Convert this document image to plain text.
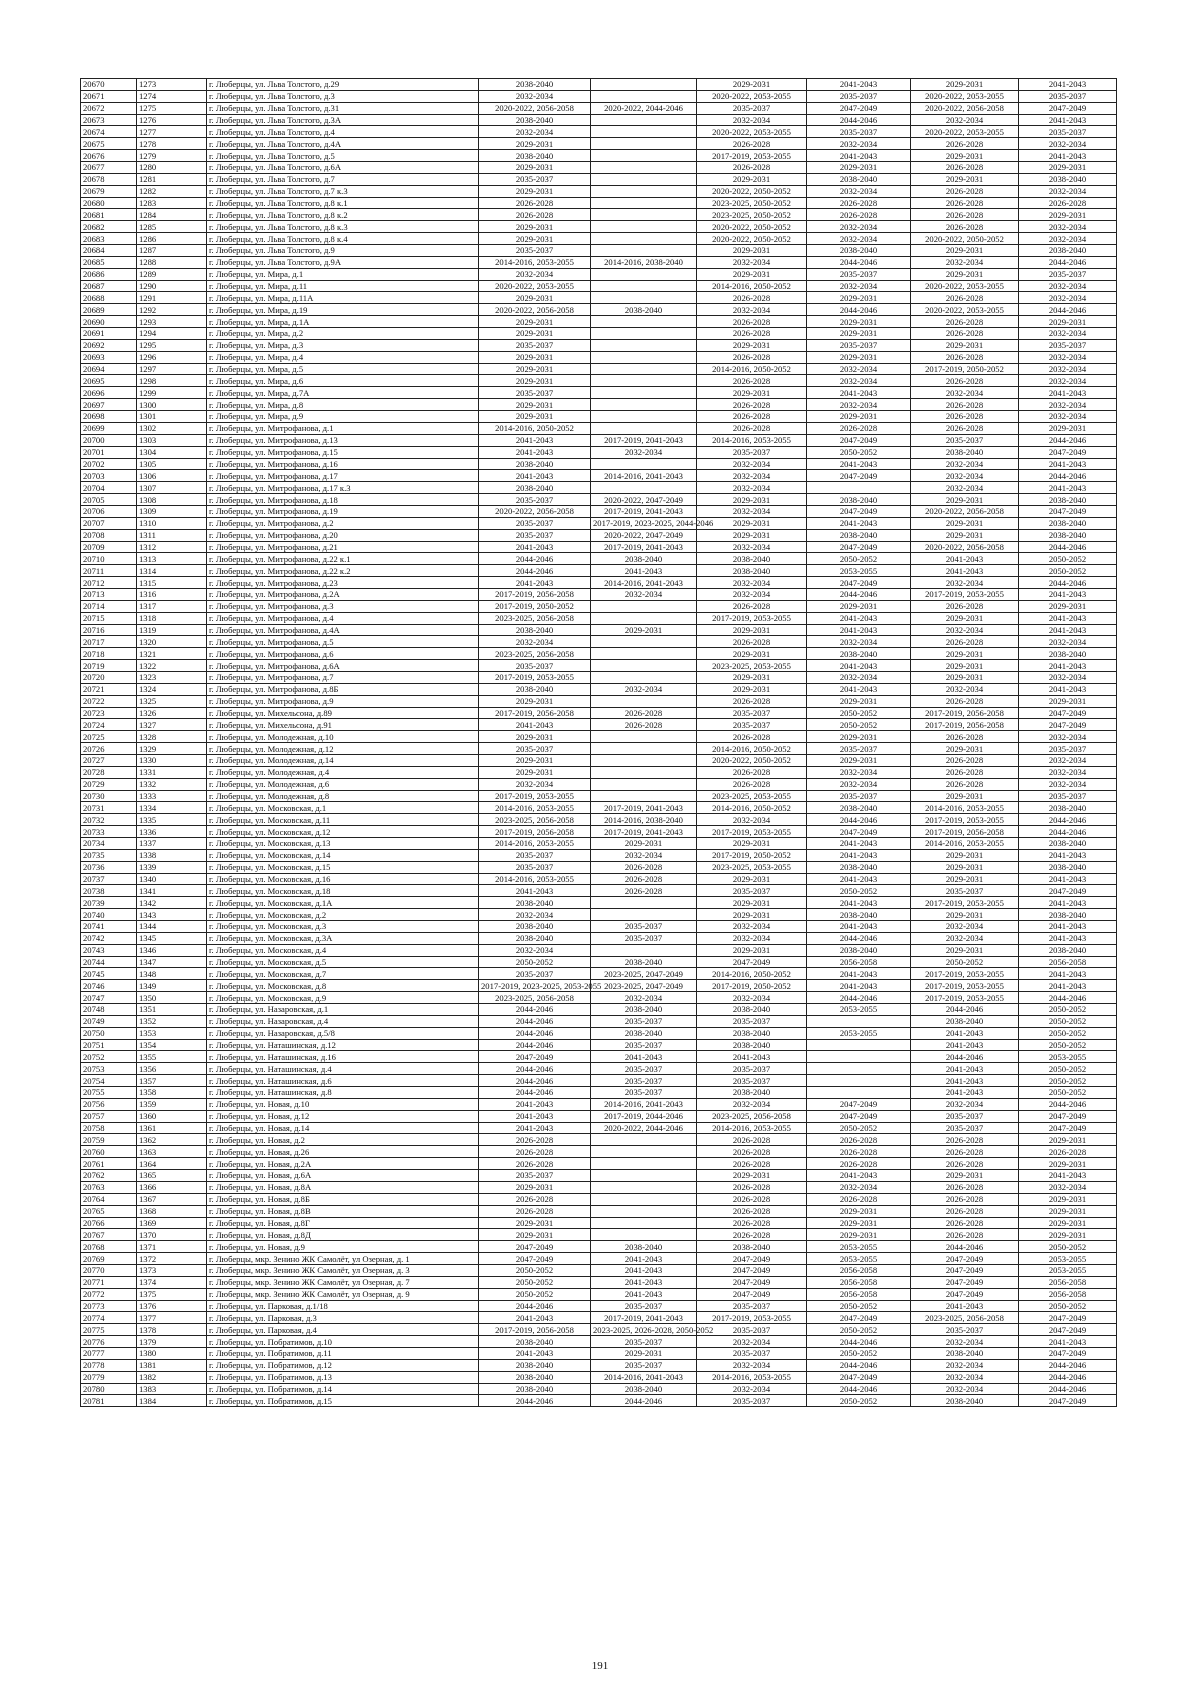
20670	1273	г. Люберцы, ул. Льва Толстого, д.29	2038-2040		2029-2031	2041-2043	2029-2031	2041-2043
20671	1274	г. Люберцы, ул. Льва Толстого, д.3	2032-2034		2020-2022, 2053-2055	2035-2037	2020-2022, 2053-2055	2035-2037
20672	1275	г. Люберцы, ул. Льва Толстого, д.31	2020-2022, 2056-2058	2020-2022, 2044-2046	2035-2037	2047-2049	2020-2022, 2056-2058	2047-2049
20673	1276	г. Люберцы, ул. Льва Толстого, д.3А	2038-2040		2032-2034	2044-2046	2032-2034	2041-2043
20674	1277	г. Люберцы, ул. Льва Толстого, д.4	2032-2034		2020-2022, 2053-2055	2035-2037	2020-2022, 2053-2055	2035-2037
20675	1278	г. Люберцы, ул. Льва Толстого, д.4А	2029-2031		2026-2028	2032-2034	2026-2028	2032-2034
20676	1279	г. Люберцы, ул. Льва Толстого, д.5	2038-2040		2017-2019, 2053-2055	2041-2043	2029-2031	2041-2043
20677	1280	г. Люберцы, ул. Льва Толстого, д.6А	2029-2031		2026-2028	2029-2031	2026-2028	2029-2031
20678	1281	г. Люберцы, ул. Льва Толстого, д.7	2035-2037		2029-2031	2038-2040	2029-2031	2038-2040
20679	1282	г. Люберцы, ул. Льва Толстого, д.7 к.3	2029-2031		2020-2022, 2050-2052	2032-2034	2026-2028	2032-2034
20680	1283	г. Люберцы, ул. Льва Толстого, д.8 к.1	2026-2028		2023-2025, 2050-2052	2026-2028	2026-2028	2026-2028
20681	1284	г. Люберцы, ул. Льва Толстого, д.8 к.2	2026-2028		2023-2025, 2050-2052	2026-2028	2026-2028	2029-2031
20682	1285	г. Люберцы, ул. Льва Толстого, д.8 к.3	2029-2031		2020-2022, 2050-2052	2032-2034	2026-2028	2032-2034
20683	1286	г. Люберцы, ул. Льва Толстого, д.8 к.4	2029-2031		2020-2022, 2050-2052	2032-2034	2020-2022, 2050-2052	2032-2034
20684	1287	г. Люберцы, ул. Льва Толстого, д.9	2035-2037		2029-2031	2038-2040	2029-2031	2038-2040
20685	1288	г. Люберцы, ул. Льва Толстого, д.9А	2014-2016, 2053-2055	2014-2016, 2038-2040	2032-2034	2044-2046	2032-2034	2044-2046
20686	1289	г. Люберцы, ул. Мира, д.1	2032-2034		2029-2031	2035-2037	2029-2031	2035-2037
20687	1290	г. Люберцы, ул. Мира, д.11	2020-2022, 2053-2055		2014-2016, 2050-2052	2032-2034	2020-2022, 2053-2055	2032-2034
20688	1291	г. Люберцы, ул. Мира, д.11А	2029-2031		2026-2028	2029-2031	2026-2028	2032-2034
20689	1292	г. Люберцы, ул. Мира, д.19	2020-2022, 2056-2058	2038-2040	2032-2034	2044-2046	2020-2022, 2053-2055	2044-2046
20690	1293	г. Люберцы, ул. Мира, д.1А	2029-2031		2026-2028	2029-2031	2026-2028	2029-2031
20691	1294	г. Люберцы, ул. Мира, д.2	2029-2031		2026-2028	2029-2031	2026-2028	2032-2034
20692	1295	г. Люберцы, ул. Мира, д.3	2035-2037		2029-2031	2035-2037	2029-2031	2035-2037
20693	1296	г. Люберцы, ул. Мира, д.4	2029-2031		2026-2028	2029-2031	2026-2028	2032-2034
20694	1297	г. Люберцы, ул. Мира, д.5	2029-2031		2014-2016, 2050-2052	2032-2034	2017-2019, 2050-2052	2032-2034
20695	1298	г. Люберцы, ул. Мира, д.6	2029-2031		2026-2028	2032-2034	2026-2028	2032-2034
20696	1299	г. Люберцы, ул. Мира, д.7А	2035-2037		2029-2031	2041-2043	2032-2034	2041-2043
20697	1300	г. Люберцы, ул. Мира, д.8	2029-2031		2026-2028	2032-2034	2026-2028	2032-2034
20698	1301	г. Люберцы, ул. Мира, д.9	2029-2031		2026-2028	2029-2031	2026-2028	2032-2034
20699	1302	г. Люберцы, ул. Митрофанова, д.1	2014-2016, 2050-2052		2026-2028	2026-2028	2026-2028	2029-2031
20700	1303	г. Люберцы, ул. Митрофанова, д.13	2041-2043	2017-2019, 2041-2043	2014-2016, 2053-2055	2047-2049	2035-2037	2044-2046
20701	1304	г. Люберцы, ул. Митрофанова, д.15	2041-2043	2032-2034	2035-2037	2050-2052	2038-2040	2047-2049
20702	1305	г. Люберцы, ул. Митрофанова, д.16	2038-2040		2032-2034	2041-2043	2032-2034	2041-2043
20703	1306	г. Люберцы, ул. Митрофанова, д.17	2041-2043	2014-2016, 2041-2043	2032-2034	2047-2049	2032-2034	2044-2046
20704	1307	г. Люберцы, ул. Митрофанова, д.17 к.3	2038-2040		2032-2034		2032-2034	2041-2043
20705	1308	г. Люберцы, ул. Митрофанова, д.18	2035-2037	2020-2022, 2047-2049	2029-2031	2038-2040	2029-2031	2038-2040
20706	1309	г. Люберцы, ул. Митрофанова, д.19	2020-2022, 2056-2058	2017-2019, 2041-2043	2032-2034	2047-2049	2020-2022, 2056-2058	2047-2049
20707	1310	г. Люберцы, ул. Митрофанова, д.2	2035-2037	2017-2019, 2023-2025, 2044-2046	2029-2031	2041-2043	2029-2031	2038-2040
20708	1311	г. Люберцы, ул. Митрофанова, д.20	2035-2037	2020-2022, 2047-2049	2029-2031	2038-2040	2029-2031	2038-2040
20709	1312	г. Люберцы, ул. Митрофанова, д.21	2041-2043	2017-2019, 2041-2043	2032-2034	2047-2049	2020-2022, 2056-2058	2044-2046
20710	1313	г. Люберцы, ул. Митрофанова, д.22 к.1	2044-2046	2038-2040	2038-2040	2050-2052	2041-2043	2050-2052
20711	1314	г. Люберцы, ул. Митрофанова, д.22 к.2	2044-2046	2041-2043	2038-2040	2053-2055	2041-2043	2050-2052
20712	1315	г. Люберцы, ул. Митрофанова, д.23	2041-2043	2014-2016, 2041-2043	2032-2034	2047-2049	2032-2034	2044-2046
20713	1316	г. Люберцы, ул. Митрофанова, д.2А	2017-2019, 2056-2058	2032-2034	2032-2034	2044-2046	2017-2019, 2053-2055	2041-2043
20714	1317	г. Люберцы, ул. Митрофанова, д.3	2017-2019, 2050-2052		2026-2028	2029-2031	2026-2028	2029-2031
20715	1318	г. Люберцы, ул. Митрофанова, д.4	2023-2025, 2056-2058		2017-2019, 2053-2055	2041-2043	2029-2031	2041-2043
20716	1319	г. Люберцы, ул. Митрофанова, д.4А	2038-2040	2029-2031	2029-2031	2041-2043	2032-2034	2041-2043
20717	1320	г. Люберцы, ул. Митрофанова, д.5	2032-2034		2026-2028	2032-2034	2026-2028	2032-2034
20718	1321	г. Люберцы, ул. Митрофанова, д.6	2023-2025, 2056-2058		2029-2031	2038-2040	2029-2031	2038-2040
20719	1322	г. Люберцы, ул. Митрофанова, д.6А	2035-2037		2023-2025, 2053-2055	2041-2043	2029-2031	2041-2043
20720	1323	г. Люберцы, ул. Митрофанова, д.7	2017-2019, 2053-2055		2029-2031	2032-2034	2029-2031	2032-2034
20721	1324	г. Люберцы, ул. Митрофанова, д.8Б	2038-2040	2032-2034	2029-2031	2041-2043	2032-2034	2041-2043
20722	1325	г. Люберцы, ул. Митрофанова, д.9	2029-2031		2026-2028	2029-2031	2026-2028	2029-2031
20723	1326	г. Люберцы, ул. Михельсона, д.89	2017-2019, 2056-2058	2026-2028	2035-2037	2050-2052	2017-2019, 2056-2058	2047-2049
20724	1327	г. Люберцы, ул. Михельсона, д.91	2041-2043	2026-2028	2035-2037	2050-2052	2017-2019, 2056-2058	2047-2049
20725	1328	г. Люберцы, ул. Молодежная, д.10	2029-2031		2026-2028	2029-2031	2026-2028	2032-2034
20726	1329	г. Люберцы, ул. Молодежная, д.12	2035-2037		2014-2016, 2050-2052	2035-2037	2029-2031	2035-2037
20727	1330	г. Люберцы, ул. Молодежная, д.14	2029-2031		2020-2022, 2050-2052	2029-2031	2026-2028	2032-2034
20728	1331	г. Люберцы, ул. Молодежная, д.4	2029-2031		2026-2028	2032-2034	2026-2028	2032-2034
20729	1332	г. Люберцы, ул. Молодежная, д.6	2032-2034		2026-2028	2032-2034	2026-2028	2032-2034
20730	1333	г. Люберцы, ул. Молодежная, д.8	2017-2019, 2053-2055		2023-2025, 2053-2055	2035-2037	2029-2031	2035-2037
20731	1334	г. Люберцы, ул. Московская, д.1	2014-2016, 2053-2055	2017-2019, 2041-2043	2014-2016, 2050-2052	2038-2040	2014-2016, 2053-2055	2038-2040
20732	1335	г. Люберцы, ул. Московская, д.11	2023-2025, 2056-2058	2014-2016, 2038-2040	2032-2034	2044-2046	2017-2019, 2053-2055	2044-2046
20733	1336	г. Люберцы, ул. Московская, д.12	2017-2019, 2056-2058	2017-2019, 2041-2043	2017-2019, 2053-2055	2047-2049	2017-2019, 2056-2058	2044-2046
20734	1337	г. Люберцы, ул. Московская, д.13	2014-2016, 2053-2055	2029-2031	2029-2031	2041-2043	2014-2016, 2053-2055	2038-2040
20735	1338	г. Люберцы, ул. Московская, д.14	2035-2037	2032-2034	2017-2019, 2050-2052	2041-2043	2029-2031	2041-2043
20736	1339	г. Люберцы, ул. Московская, д.15	2035-2037	2026-2028	2023-2025, 2053-2055	2038-2040	2029-2031	2038-2040
20737	1340	г. Люберцы, ул. Московская, д.16	2014-2016, 2053-2055	2026-2028	2029-2031	2041-2043	2029-2031	2041-2043
20738	1341	г. Люберцы, ул. Московская, д.18	2041-2043	2026-2028	2035-2037	2050-2052	2035-2037	2047-2049
20739	1342	г. Люберцы, ул. Московская, д.1А	2038-2040		2029-2031	2041-2043	2017-2019, 2053-2055	2041-2043
20740	1343	г. Люберцы, ул. Московская, д.2	2032-2034		2029-2031	2038-2040	2029-2031	2038-2040
20741	1344	г. Люберцы, ул. Московская, д.3	2038-2040	2035-2037	2032-2034	2041-2043	2032-2034	2041-2043
20742	1345	г. Люберцы, ул. Московская, д.3А	2038-2040	2035-2037	2032-2034	2044-2046	2032-2034	2041-2043
20743	1346	г. Люберцы, ул. Московская, д.4	2032-2034		2029-2031	2038-2040	2029-2031	2038-2040
20744	1347	г. Люберцы, ул. Московская, д.5	2050-2052	2038-2040	2047-2049	2056-2058	2050-2052	2056-2058
20745	1348	г. Люберцы, ул. Московская, д.7	2035-2037	2023-2025, 2047-2049	2014-2016, 2050-2052	2041-2043	2017-2019, 2053-2055	2041-2043
20746	1349	г. Люберцы, ул. Московская, д.8	2017-2019, 2023-2025, 2053-2055	2023-2025, 2047-2049	2017-2019, 2050-2052	2041-2043	2017-2019, 2053-2055	2041-2043
20747	1350	г. Люберцы, ул. Московская, д.9	2023-2025, 2056-2058	2032-2034	2032-2034	2044-2046	2017-2019, 2053-2055	2044-2046
20748	1351	г. Люберцы, ул. Назаровская, д.1	2044-2046	2038-2040	2038-2040	2053-2055	2044-2046	2050-2052
20749	1352	г. Люберцы, ул. Назаровская, д.4	2044-2046	2035-2037	2035-2037		2038-2040	2050-2052
20750	1353	г. Люберцы, ул. Назаровская, д.5/8	2044-2046	2038-2040	2038-2040	2053-2055	2041-2043	2050-2052
20751	1354	г. Люберцы, ул. Наташинская, д.12	2044-2046	2035-2037	2038-2040		2041-2043	2050-2052
20752	1355	г. Люберцы, ул. Наташинская, д.16	2047-2049	2041-2043	2041-2043		2044-2046	2053-2055
20753	1356	г. Люберцы, ул. Наташинская, д.4	2044-2046	2035-2037	2035-2037		2041-2043	2050-2052
20754	1357	г. Люберцы, ул. Наташинская, д.6	2044-2046	2035-2037	2035-2037		2041-2043	2050-2052
20755	1358	г. Люберцы, ул. Наташинская, д.8	2044-2046	2035-2037	2038-2040		2041-2043	2050-2052
20756	1359	г. Люберцы, ул. Новая, д.10	2041-2043	2014-2016, 2041-2043	2032-2034	2047-2049	2032-2034	2044-2046
20757	1360	г. Люберцы, ул. Новая, д.12	2041-2043	2017-2019, 2044-2046	2023-2025, 2056-2058	2047-2049	2035-2037	2047-2049
20758	1361	г. Люберцы, ул. Новая, д.14	2041-2043	2020-2022, 2044-2046	2014-2016, 2053-2055	2050-2052	2035-2037	2047-2049
20759	1362	г. Люберцы, ул. Новая, д.2	2026-2028		2026-2028	2026-2028	2026-2028	2029-2031
20760	1363	г. Люберцы, ул. Новая, д.26	2026-2028		2026-2028	2026-2028	2026-2028	2026-2028
20761	1364	г. Люберцы, ул. Новая, д.2А	2026-2028		2026-2028	2026-2028	2026-2028	2029-2031
20762	1365	г. Люберцы, ул. Новая, д.6А	2035-2037		2029-2031	2041-2043	2029-2031	2041-2043
20763	1366	г. Люберцы, ул. Новая, д.8А	2029-2031		2026-2028	2032-2034	2026-2028	2032-2034
20764	1367	г. Люберцы, ул. Новая, д.8Б	2026-2028		2026-2028	2026-2028	2026-2028	2029-2031
20765	1368	г. Люберцы, ул. Новая, д.8В	2026-2028		2026-2028	2029-2031	2026-2028	2029-2031
20766	1369	г. Люберцы, ул. Новая, д.8Г	2029-2031		2026-2028	2029-2031	2026-2028	2029-2031
20767	1370	г. Люберцы, ул. Новая, д.8Д	2029-2031		2026-2028	2029-2031	2026-2028	2029-2031
20768	1371	г. Люберцы, ул. Новая, д.9	2047-2049	2038-2040	2038-2040	2053-2055	2044-2046	2050-2052
20769	1372	г. Люберцы, мкр. Зенино ЖК Самолёт, ул Озерная, д. 1	2047-2049	2041-2043	2047-2049	2053-2055	2047-2049	2053-2055
20770	1373	г. Люберцы, мкр. Зенино ЖК Самолёт, ул Озерная, д. 3	2050-2052	2041-2043	2047-2049	2056-2058	2047-2049	2053-2055
20771	1374	г. Люберцы, мкр. Зенино ЖК Самолёт, ул Озерная, д. 7	2050-2052	2041-2043	2047-2049	2056-2058	2047-2049	2056-2058
20772	1375	г. Люберцы, мкр. Зенино ЖК Самолёт, ул Озерная, д. 9	2050-2052	2041-2043	2047-2049	2056-2058	2047-2049	2056-2058
20773	1376	г. Люберцы, ул. Парковая, д.1/18	2044-2046	2035-2037	2035-2037	2050-2052	2041-2043	2050-2052
20774	1377	г. Люберцы, ул. Парковая, д.3	2041-2043	2017-2019, 2041-2043	2017-2019, 2053-2055	2047-2049	2023-2025, 2056-2058	2047-2049
20775	1378	г. Люберцы, ул. Парковая, д.4	2017-2019, 2056-2058	2023-2025, 2026-2028, 2050-2052	2035-2037	2050-2052	2035-2037	2047-2049
20776	1379	г. Люберцы, ул. Побратимов, д.10	2038-2040	2035-2037	2032-2034	2044-2046	2032-2034	2041-2043
20777	1380	г. Люберцы, ул. Побратимов, д.11	2041-2043	2029-2031	2035-2037	2050-2052	2038-2040	2047-2049
20778	1381	г. Люберцы, ул. Побратимов, д.12	2038-2040	2035-2037	2032-2034	2044-2046	2032-2034	2044-2046
20779	1382	г. Люберцы, ул. Побратимов, д.13	2038-2040	2014-2016, 2041-2043	2014-2016, 2053-2055	2047-2049	2032-2034	2044-2046
20780	1383	г. Люберцы, ул. Побратимов, д.14	2038-2040	2038-2040	2032-2034	2044-2046	2032-2034	2044-2046
20781	1384	г. Люберцы, ул. Побратимов, д.15	2044-2046	2044-2046	2035-2037	2050-2052	2038-2040	2047-2049
191
